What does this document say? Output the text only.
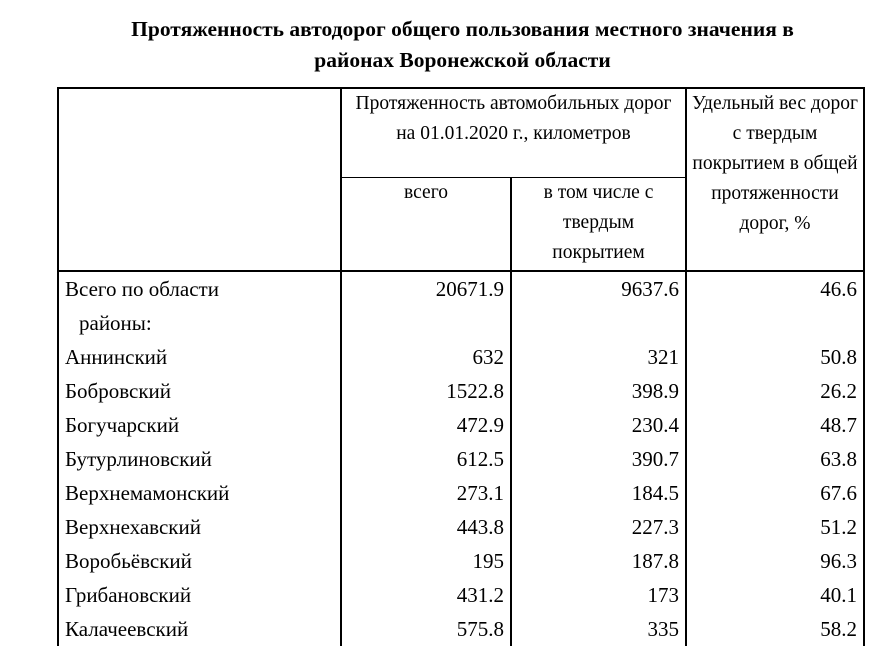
Протяженность автодорог общего пользования местного значения в
районах Воронежской области
	Протяженность автомобильных дорог на 01.01.2020 г., километров		Удельный вес дорог с твердым покрытием в общей протяженности дорог, %
	всего	в том числе с твердым покрытием	
Всего по области	20671.9	9637.6	46.6
районы:			
Аннинский	632	321	50.8
Бобровский	1522.8	398.9	26.2
Богучарский	472.9	230.4	48.7
Бутурлиновский	612.5	390.7	63.8
Верхнемамонский	273.1	184.5	67.6
Верхнехавский	443.8	227.3	51.2
Воробьёвский	195	187.8	96.3
Грибановский	431.2	173	40.1
Калачеевский	575.8	335	58.2
